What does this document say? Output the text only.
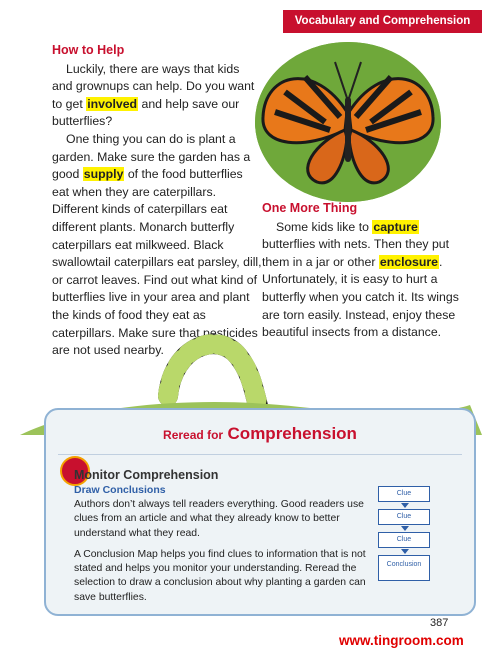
Vocabulary and Comprehension
How to Help

Luckily, there are ways that kids and grownups can help. Do you want to get involved and help save our butterflies?

One thing you can do is plant a garden. Make sure the garden has a good supply of the food butterflies eat when they are caterpillars. Different kinds of caterpillars eat different plants. Monarch butterfly caterpillars eat milkweed. Black swallowtail caterpillars eat parsley, dill, or carrot leaves. Find out what kind of butterflies live in your area and plant the kinds of food they eat as caterpillars. Make sure that pesticides are not used nearby.

One More Thing

Some kids like to capture butterflies with nets. Then they put them in a jar or other enclosure. Unfortunately, it is easy to hurt a butterfly when you catch it. Its wings are torn easily. Instead, enjoy these beautiful insects from a distance.

Reread for Comprehension
Monitor Comprehension
Draw Conclusions

Authors don’t always tell readers everything. Good readers use clues from an article and what they already know to better understand what they read.

A Conclusion Map helps you find clues to information that is not stated and helps you monitor your understanding. Reread the selection to draw a conclusion about why planting a garden can save butterflies.

Clue
Clue
Clue
Conclusion
387
www.tingroom.com
